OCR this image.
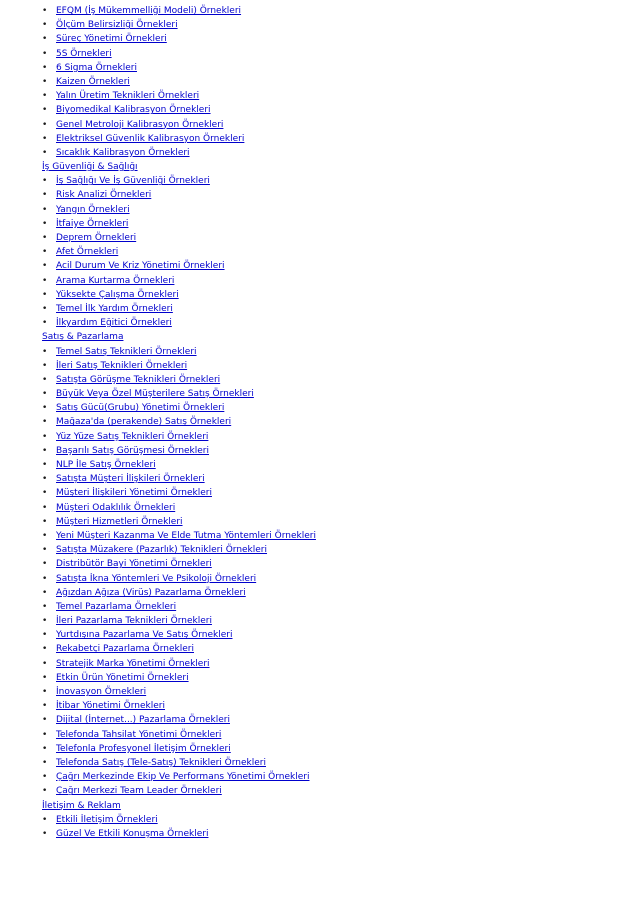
• EFQM (İş Mükemmelliği Modeli) Örnekleri
• Ölçüm Belirsizliği Örnekleri
• Süreç Yönetimi Örnekleri
• 5S Örnekleri
• 6 Sigma Örnekleri
• Kaizen Örnekleri
• Yalın Üretim Teknikleri Örnekleri
• Biyomedikal Kalibrasyon Örnekleri
• Genel Metroloji Kalibrasyon Örnekleri
• Elektriksel Güvenlik Kalibrasyon Örnekleri
• Sıcaklık Kalibrasyon Örnekleri
İş Güvenliği & Sağlığı
• İş Sağlığı Ve İş Güvenliği Örnekleri
• Risk Analizi Örnekleri
• Yangın Örnekleri
• İtfaiye Örnekleri
• Deprem Örnekleri
• Afet Örnekleri
• Acil Durum Ve Kriz Yönetimi Örnekleri
• Arama Kurtarma Örnekleri
• Yüksekte Çalışma Örnekleri
• Temel İlk Yardım Örnekleri
• İlkyardım Eğitici Örnekleri
Satış & Pazarlama
• Temel Satış Teknikleri Örnekleri
• İleri Satış Teknikleri Örnekleri
• Satışta Görüşme Teknikleri Örnekleri
• Büyük Veya Özel Müşterilere Satış Örnekleri
• Satış Gücü(Grubu) Yönetimi Örnekleri
• Mağaza'da (perakende) Satış Örnekleri
• Yüz Yüze Satış Teknikleri Örnekleri
• Başarılı Satış Görüşmesi Örnekleri
• NLP İle Satış Örnekleri
• Satışta Müşteri İlişkileri Örnekleri
• Müşteri İlişkileri Yönetimi Örnekleri
• Müşteri Odaklılık Örnekleri
• Müşteri Hizmetleri Örnekleri
• Yeni Müşteri Kazanma Ve Elde Tutma Yöntemleri Örnekleri
• Satışta Müzakere (Pazarlık) Teknikleri Örnekleri
• Distribütör Bayi Yönetimi Örnekleri
• Satışta İkna Yöntemleri Ve Psikoloji Örnekleri
• Ağızdan Ağıza (Virüs) Pazarlama Örnekleri
• Temel Pazarlama Örnekleri
• İleri Pazarlama Teknikleri Örnekleri
• Yurtdışına Pazarlama Ve Satış Örnekleri
• Rekabetçi Pazarlama Örnekleri
• Stratejik Marka Yönetimi Örnekleri
• Etkin Ürün Yönetimi Örnekleri
• İnovasyon Örnekleri
• İtibar Yönetimi Örnekleri
• Dijital (İnternet...) Pazarlama Örnekleri
• Telefonda Tahsilat Yönetimi Örnekleri
• Telefonla Profesyonel İletişim Örnekleri
• Telefonda Satış (Tele-Satış) Teknikleri Örnekleri
• Çağrı Merkezinde Ekip Ve Performans Yönetimi Örnekleri
• Çağrı Merkezi Team Leader Örnekleri
İletişim & Reklam
• Etkili İletişim Örnekleri
• Güzel Ve Etkili Konuşma Örnekleri
